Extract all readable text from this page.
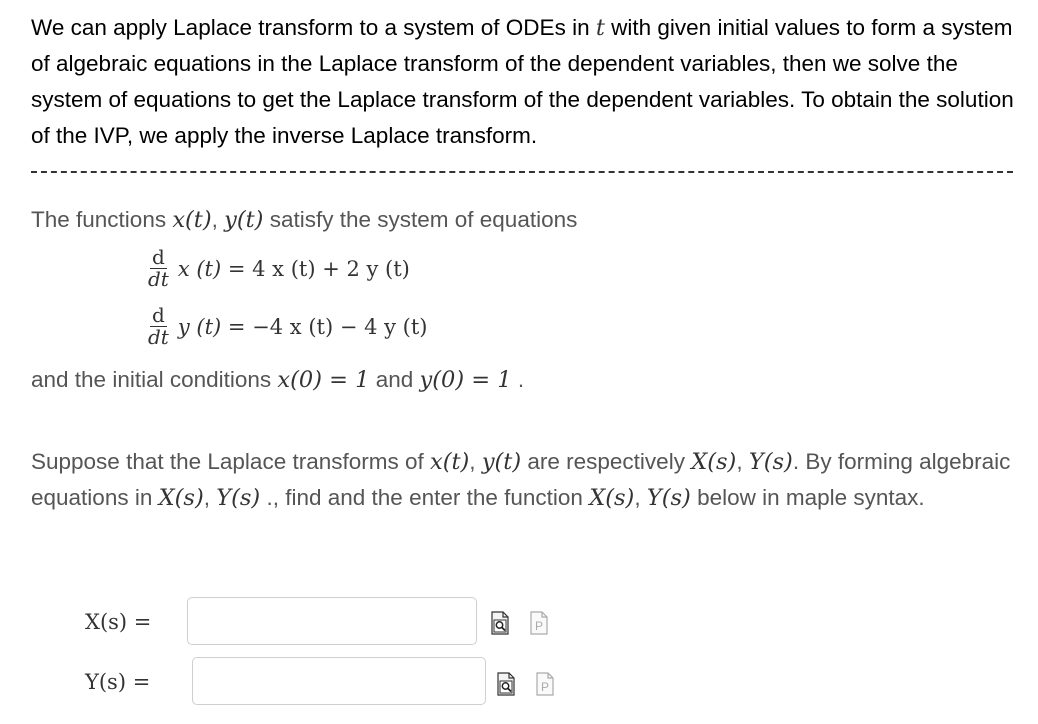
We can apply Laplace transform to a system of ODEs in t with given initial values to form a system of algebraic equations in the Laplace transform of the dependent variables, then we solve the system of equations to get the Laplace transform of the dependent variables. To obtain the solution of the IVP, we apply the inverse Laplace transform.
The functions x(t), y(t) satisfy the system of equations
$\frac{d}{dt}$ x (t)
= 4 x (t) + 2 y (t)
$\frac{d}{dt}$ y (t)
= −4 x (t) − 4 y (t)
and the initial conditions x(0) = 1 and y(0) = 1 .
Suppose that the Laplace transforms of x(t), y(t) are respectively X(s), Y(s). By forming algebraic equations in X(s), Y(s) ., find and the enter the function X(s), Y(s) below in maple syntax.
X(s) =	P
Y(s) =	P
